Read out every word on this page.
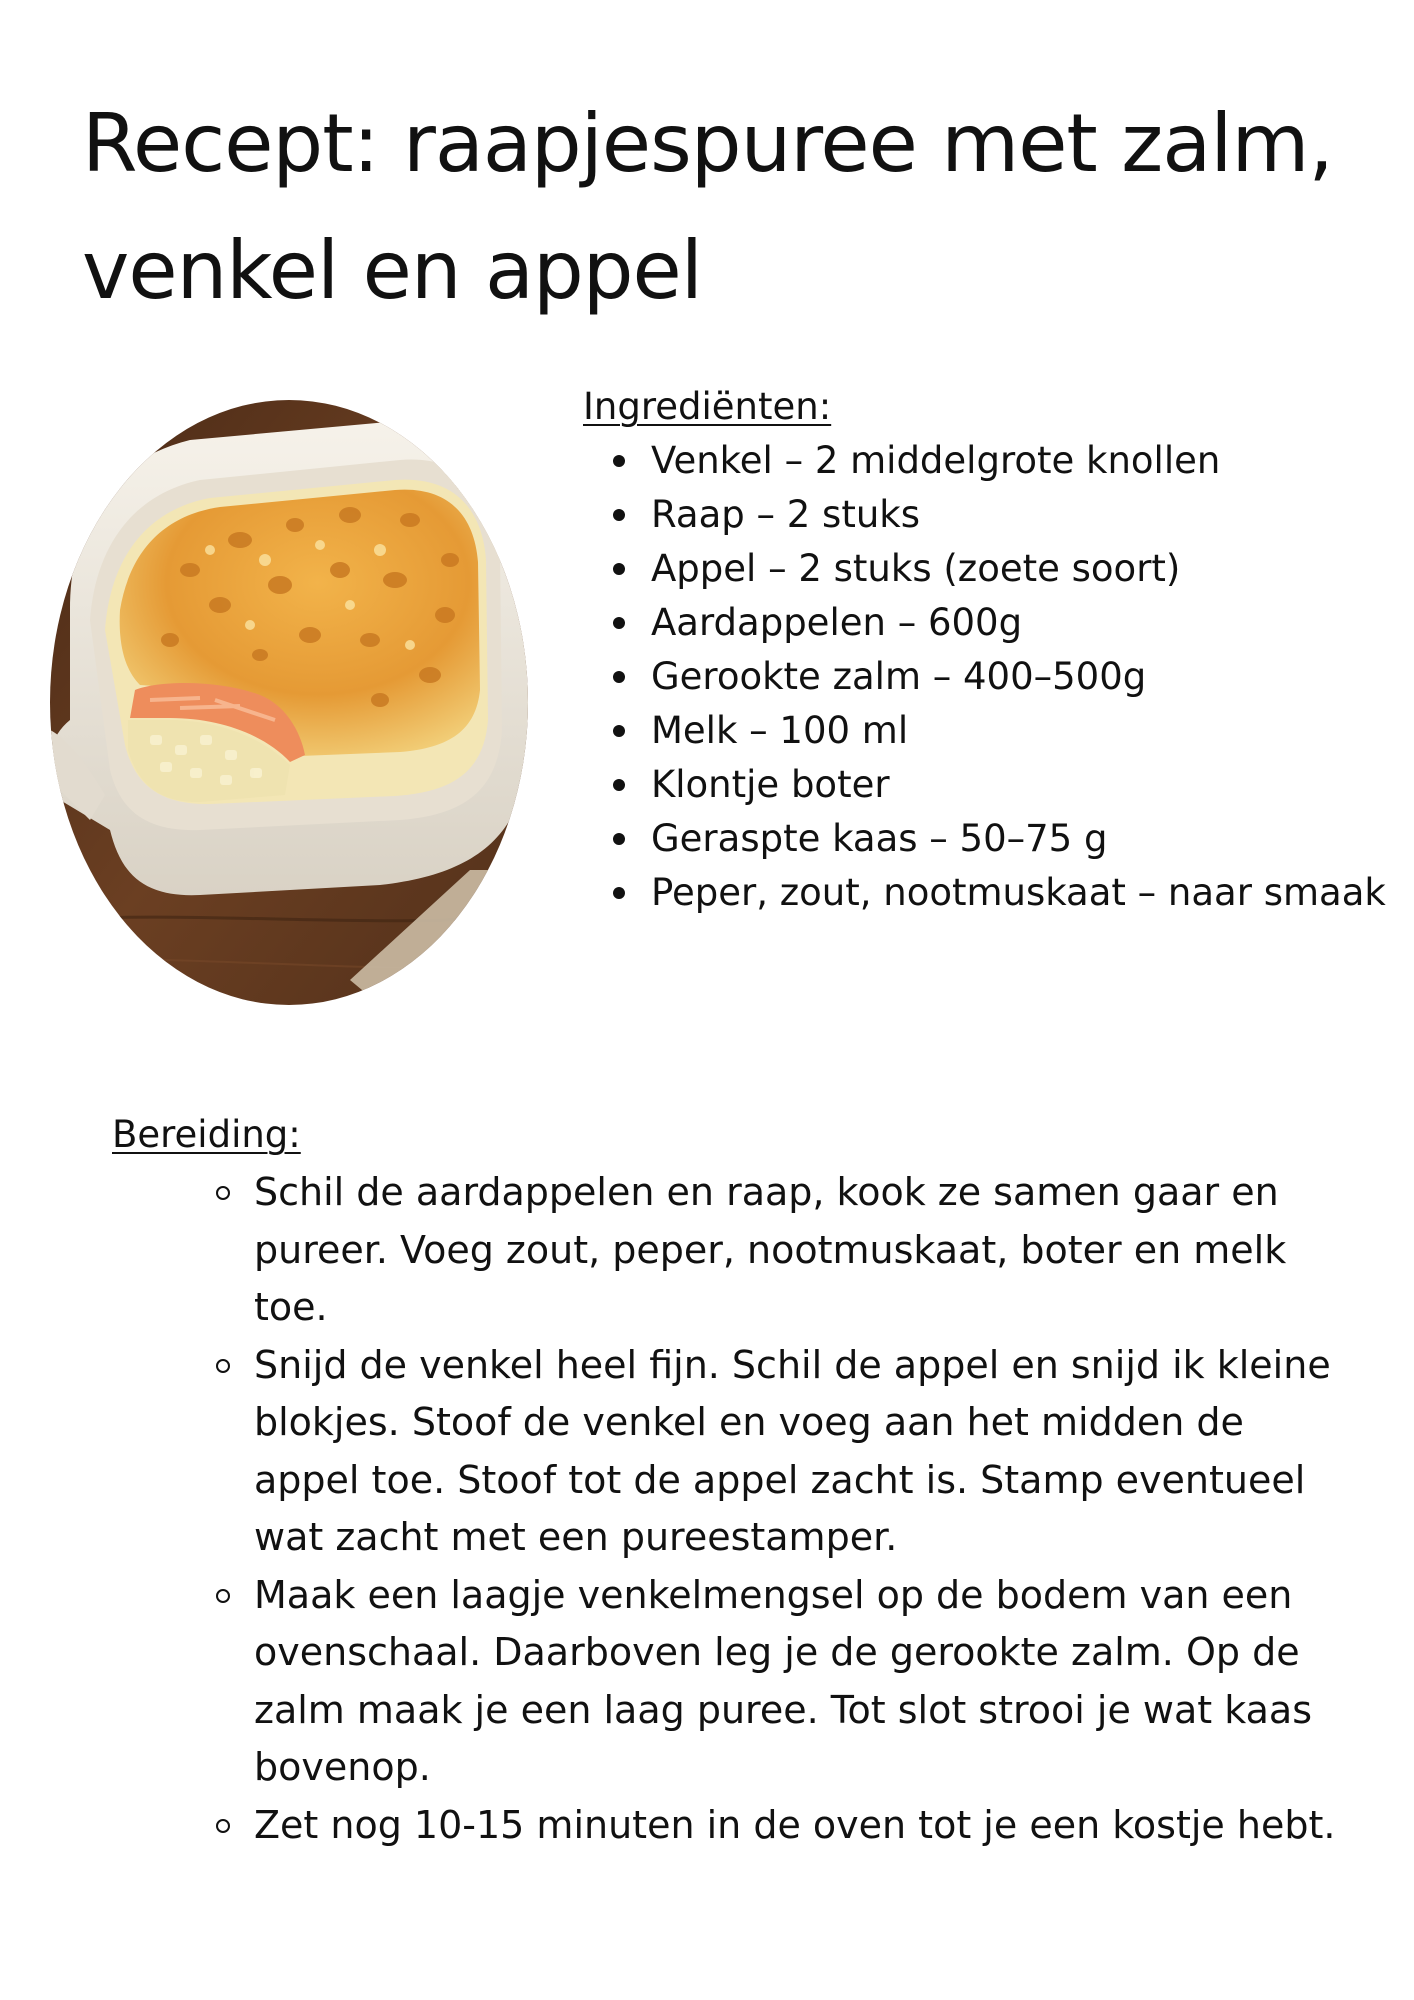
Recept: raapjespuree met zalm, venkel en appel
Ingrediënten:
Venkel – 2 middelgrote knollen
Raap – 2 stuks
Appel – 2 stuks (zoete soort)
Aardappelen – 600g
Gerookte zalm – 400–500g
Melk – 100 ml
Klontje boter
Geraspte kaas – 50–75 g
Peper, zout, nootmuskaat – naar smaak
Bereiding:
Schil de aardappelen en raap, kook ze samen gaar en pureer. Voeg zout, peper, nootmuskaat, boter en melk toe.
Snijd de venkel heel fijn. Schil de appel en snijd ik kleine blokjes. Stoof de venkel en voeg aan het midden de appel toe. Stoof tot de appel zacht is. Stamp eventueel wat zacht met een pureestamper.
Maak een laagje venkelmengsel op de bodem van een ovenschaal. Daarboven leg je de gerookte zalm. Op de zalm maak je een laag puree. Tot slot strooi je wat kaas bovenop.
Zet nog 10-15 minuten in de oven tot je een kostje hebt.
